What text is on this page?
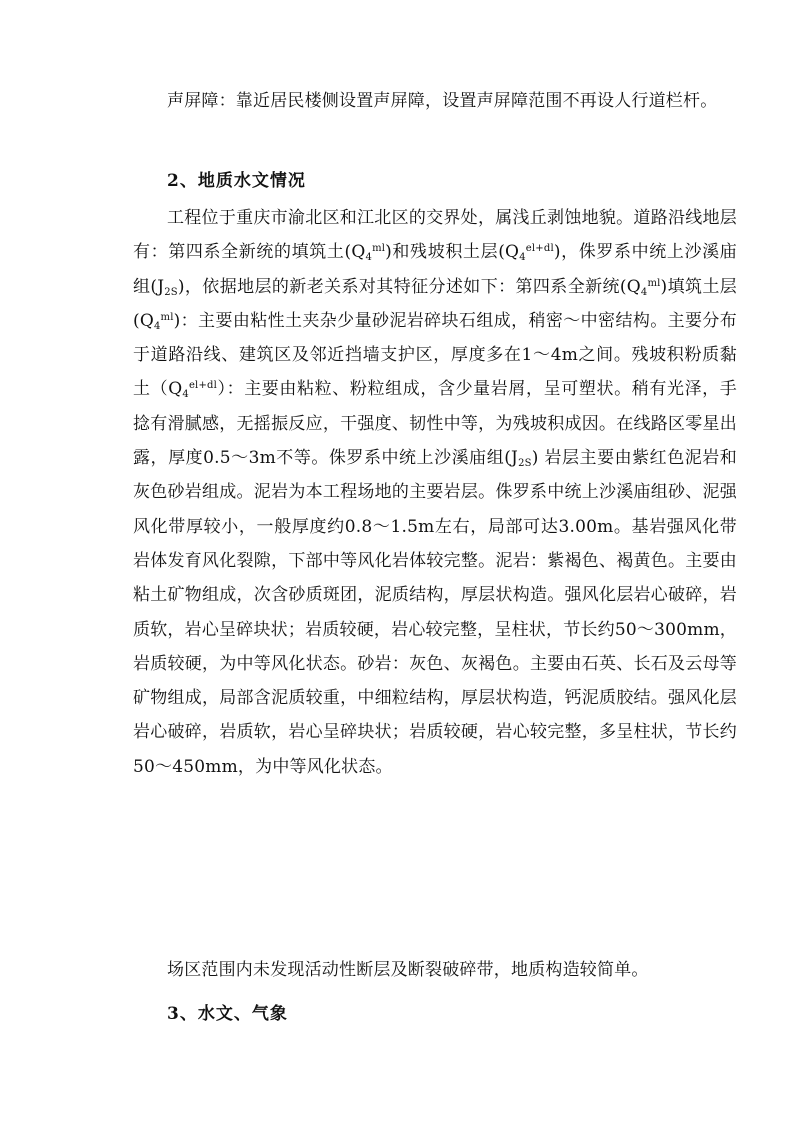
声屏障：靠近居民楼侧设置声屏障，设置声屏障范围不再设人行道栏杆。

2、地质水文情况

工程位于重庆市渝北区和江北区的交界处，属浅丘剥蚀地貌。道路沿线地层有：第四系全新统的填筑土$(Q_4^{ml})$和残坡积土层$(Q_4^{el+dl})$，侏罗系中统上沙溪庙组$(J_{2S})$，依据地层的新老关系对其特征分述如下：第四系全新统$(Q_4^{ml})$填筑土层$(Q_4^{ml})$：主要由粘性土夹杂少量砂泥岩碎块石组成，稍密～中密结构。主要分布于道路沿线、建筑区及邻近挡墙支护区，厚度多在1～4m之间。残坡积粉质黏土$(Q_4^{el+dl})$：主要由粘粒、粉粒组成，含少量岩屑，呈可塑状。稍有光泽，手捻有滑腻感，无摇振反应，干强度、韧性中等，为残坡积成因。在线路区零星出露，厚度0.5～3m不等。侏罗系中统上沙溪庙组$(J_{2S})$ 岩层主要由紫红色泥岩和灰色砂岩组成。泥岩为本工程场地的主要岩层。侏罗系中统上沙溪庙组砂、泥强风化带厚较小，一般厚度约0.8～1.5m左右，局部可达3.00m。基岩强风化带岩体发育风化裂隙，下部中等风化岩体较完整。泥岩：紫褐色、褐黄色。主要由粘土矿物组成，次含砂质斑团，泥质结构，厚层状构造。强风化层岩心破碎，岩质软，岩心呈碎块状；岩质较硬，岩心较完整，呈柱状，节长约50～300mm，岩质较硬，为中等风化状态。砂岩：灰色、灰褐色。主要由石英、长石及云母等矿物组成，局部含泥质较重，中细粒结构，厚层状构造，钙泥质胶结。强风化层岩心破碎，岩质软，岩心呈碎块状；岩质较硬，岩心较完整，多呈柱状，节长约50～450mm，为中等风化状态。

场区范围内未发现活动性断层及断裂破碎带，地质构造较简单。

3、水文、气象
